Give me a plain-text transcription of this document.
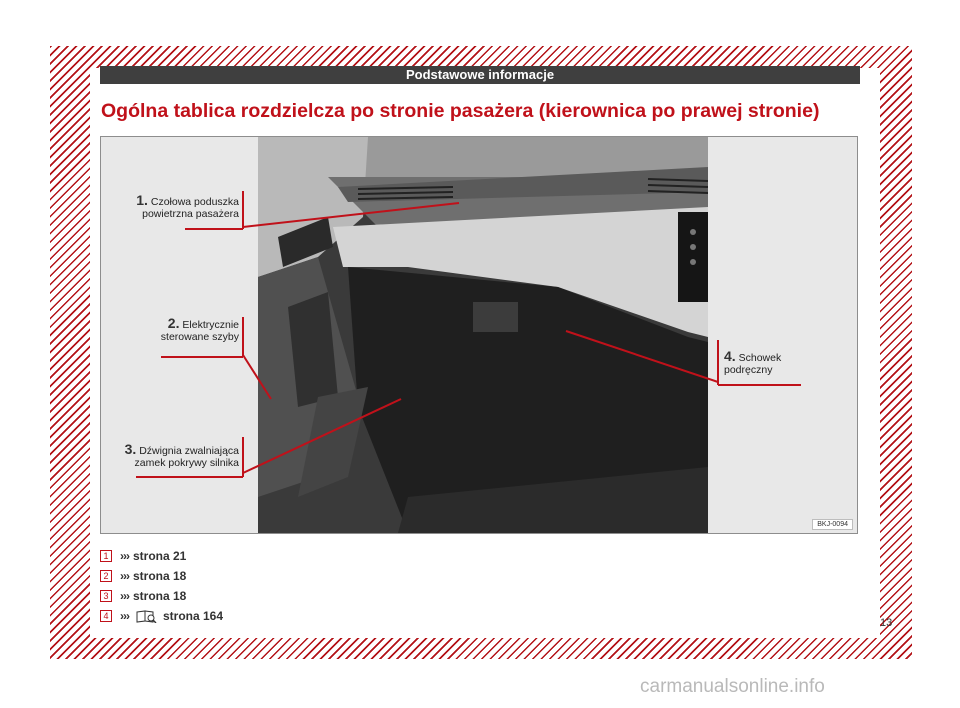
Podstawowe informacje
Ogólna tablica rozdzielcza po stronie pasażera (kierownica po prawej stronie)
1. Czołowa poduszka
powietrzna pasażera
2. Elektrycznie
sterowane szyby
3. Dźwignia zwalniająca
zamek pokrywy silnika
4. Schowek
podręczny
BKJ-0094
1 ››› strona 21
2 ››› strona 18
3 ››› strona 18
4 ›››	strona 164	13
carmanualsonline.info
